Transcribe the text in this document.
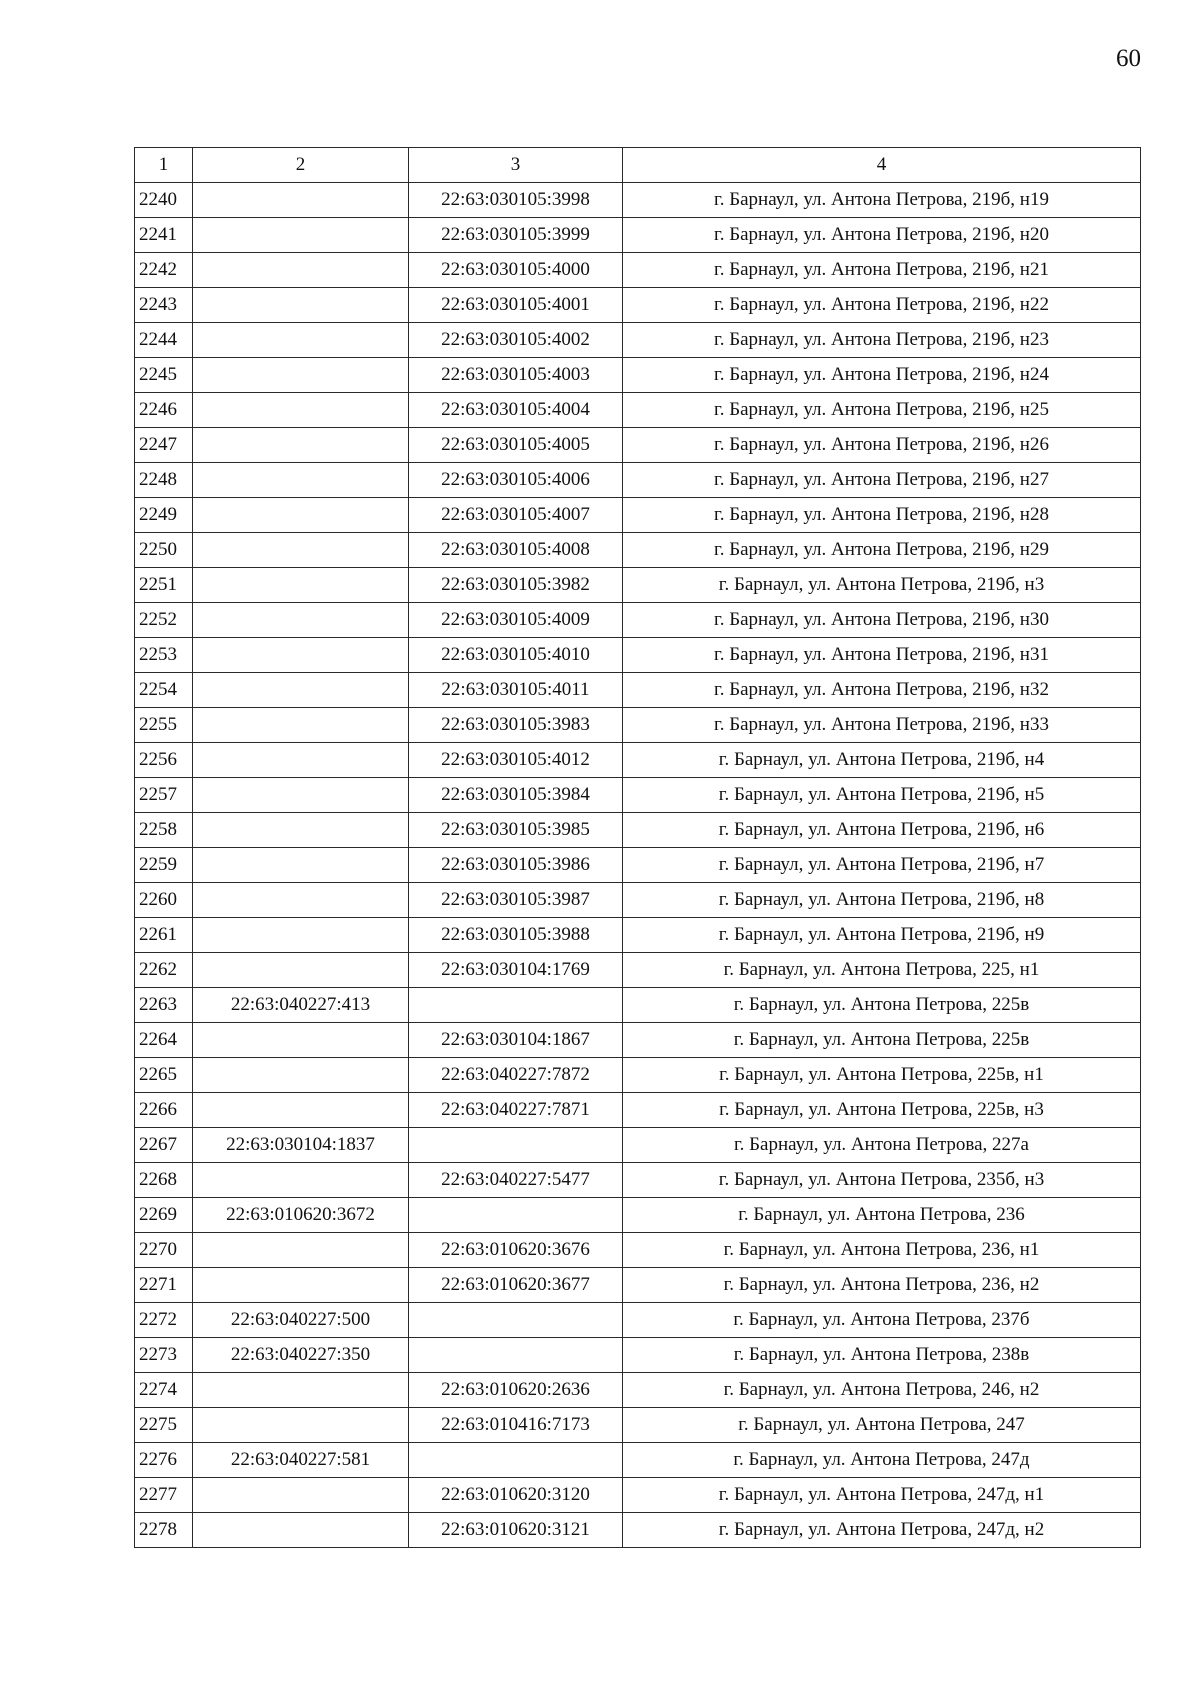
60
1	2	3	4
2240		22:63:030105:3998	г. Барнаул, ул. Антона Петрова, 219б, н19
2241		22:63:030105:3999	г. Барнаул, ул. Антона Петрова, 219б, н20
2242		22:63:030105:4000	г. Барнаул, ул. Антона Петрова, 219б, н21
2243		22:63:030105:4001	г. Барнаул, ул. Антона Петрова, 219б, н22
2244		22:63:030105:4002	г. Барнаул, ул. Антона Петрова, 219б, н23
2245		22:63:030105:4003	г. Барнаул, ул. Антона Петрова, 219б, н24
2246		22:63:030105:4004	г. Барнаул, ул. Антона Петрова, 219б, н25
2247		22:63:030105:4005	г. Барнаул, ул. Антона Петрова, 219б, н26
2248		22:63:030105:4006	г. Барнаул, ул. Антона Петрова, 219б, н27
2249		22:63:030105:4007	г. Барнаул, ул. Антона Петрова, 219б, н28
2250		22:63:030105:4008	г. Барнаул, ул. Антона Петрова, 219б, н29
2251		22:63:030105:3982	г. Барнаул, ул. Антона Петрова, 219б, н3
2252		22:63:030105:4009	г. Барнаул, ул. Антона Петрова, 219б, н30
2253		22:63:030105:4010	г. Барнаул, ул. Антона Петрова, 219б, н31
2254		22:63:030105:4011	г. Барнаул, ул. Антона Петрова, 219б, н32
2255		22:63:030105:3983	г. Барнаул, ул. Антона Петрова, 219б, н33
2256		22:63:030105:4012	г. Барнаул, ул. Антона Петрова, 219б, н4
2257		22:63:030105:3984	г. Барнаул, ул. Антона Петрова, 219б, н5
2258		22:63:030105:3985	г. Барнаул, ул. Антона Петрова, 219б, н6
2259		22:63:030105:3986	г. Барнаул, ул. Антона Петрова, 219б, н7
2260		22:63:030105:3987	г. Барнаул, ул. Антона Петрова, 219б, н8
2261		22:63:030105:3988	г. Барнаул, ул. Антона Петрова, 219б, н9
2262		22:63:030104:1769	г. Барнаул, ул. Антона Петрова, 225, н1
2263	22:63:040227:413		г. Барнаул, ул. Антона Петрова, 225в
2264		22:63:030104:1867	г. Барнаул, ул. Антона Петрова, 225в
2265		22:63:040227:7872	г. Барнаул, ул. Антона Петрова, 225в, н1
2266		22:63:040227:7871	г. Барнаул, ул. Антона Петрова, 225в, н3
2267	22:63:030104:1837		г. Барнаул, ул. Антона Петрова, 227а
2268		22:63:040227:5477	г. Барнаул, ул. Антона Петрова, 235б, н3
2269	22:63:010620:3672		г. Барнаул, ул. Антона Петрова, 236
2270		22:63:010620:3676	г. Барнаул, ул. Антона Петрова, 236, н1
2271		22:63:010620:3677	г. Барнаул, ул. Антона Петрова, 236, н2
2272	22:63:040227:500		г. Барнаул, ул. Антона Петрова, 237б
2273	22:63:040227:350		г. Барнаул, ул. Антона Петрова, 238в
2274		22:63:010620:2636	г. Барнаул, ул. Антона Петрова, 246, н2
2275		22:63:010416:7173	г. Барнаул, ул. Антона Петрова, 247
2276	22:63:040227:581		г. Барнаул, ул. Антона Петрова, 247д
2277		22:63:010620:3120	г. Барнаул, ул. Антона Петрова, 247д, н1
2278		22:63:010620:3121	г. Барнаул, ул. Антона Петрова, 247д, н2
